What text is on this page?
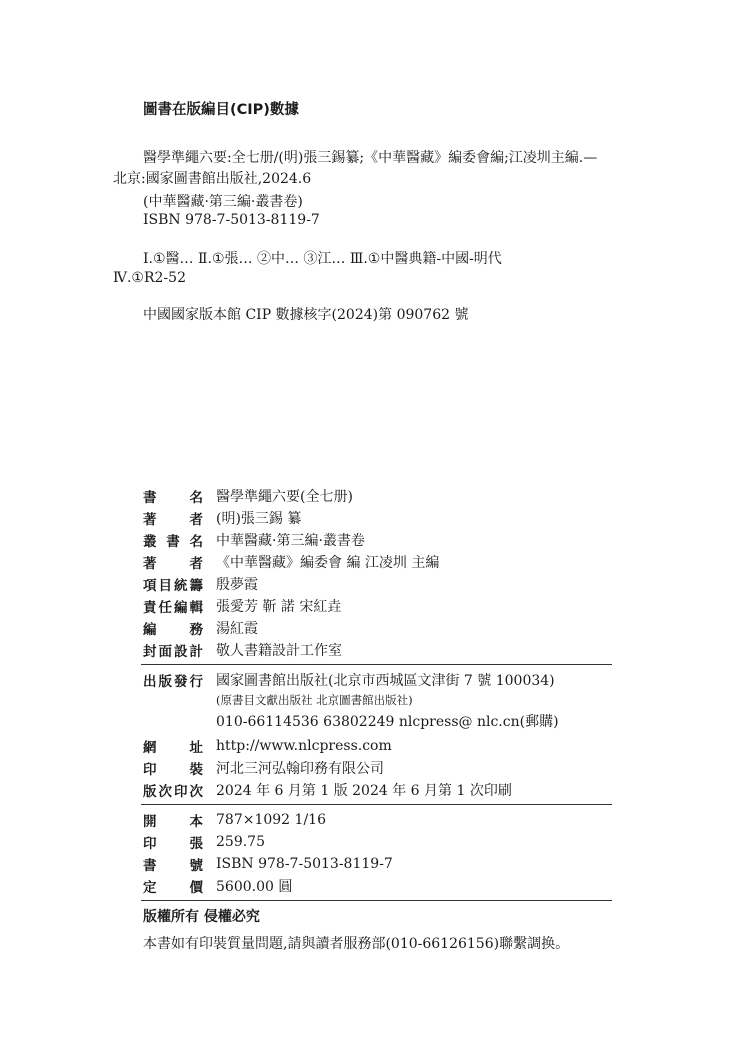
圖書在版編目(CIP)數據
醫學準繩六要:全七册/(明)張三錫纂;《中華醫藏》編委會編;江凌圳主編.—
北京:國家圖書館出版社,2024.6
(中華醫藏·第三編·叢書卷)
ISBN 978-7-5013-8119-7
Ⅰ.①醫… Ⅱ.①張… ②中… ③江… Ⅲ.①中醫典籍-中國-明代
Ⅳ.①R2-52
中國國家版本館 CIP 數據核字(2024)第 090762 號
書名 醫學準繩六要(全七册)
著者 (明)張三錫 纂
叢書名 中華醫藏·第三編·叢書卷
著者 《中華醫藏》編委會 編 江凌圳 主編
項目統籌 殷夢霞
責任編輯 張愛芳 靳 諾 宋紅垚
編務 湯紅霞
封面設計 敬人書籍設計工作室
出版發行 國家圖書館出版社(北京市西城區文津街 7 號 100034)
(原書目文獻出版社 北京圖書館出版社)
010-66114536 63802249 nlcpress@ nlc.cn(郵購)
網址 http://www.nlcpress.com
印裝 河北三河弘翰印務有限公司
版次印次 2024 年 6 月第 1 版 2024 年 6 月第 1 次印刷
開本 787×1092 1/16
印張 259.75
書號 ISBN 978-7-5013-8119-7
定價 5600.00 圓
版權所有 侵權必究
本書如有印裝質量問題,請與讀者服務部(010-66126156)聯繫調换。
